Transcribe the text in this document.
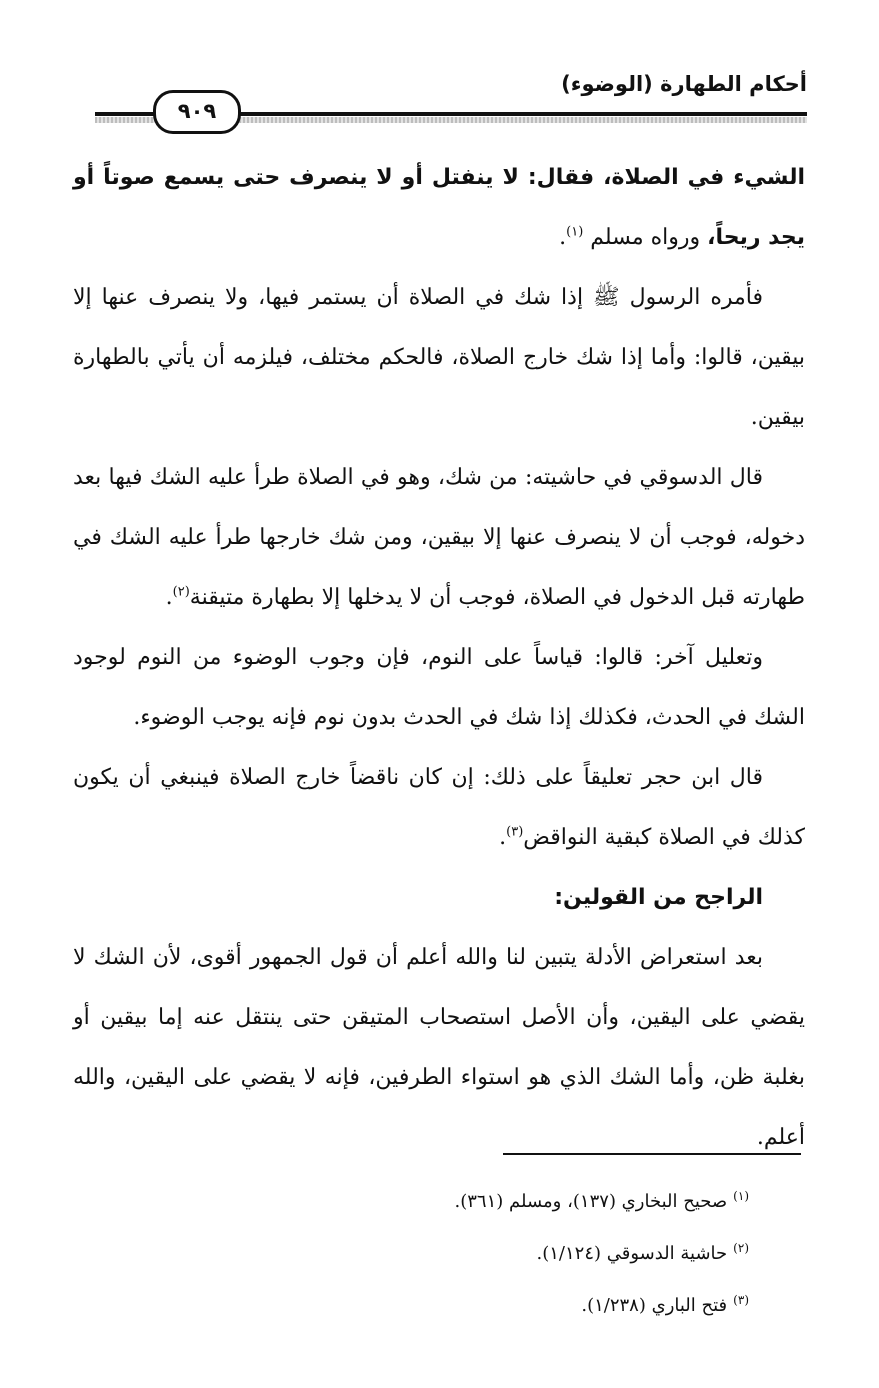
أحكام الطهارة (الوضوء)
٩٠٩

الشيء في الصلاة، فقال: لا ينفتل أو لا ينصرف حتى يسمع صوتاً أو يجد ريحاً، ورواه مسلم $^{(١)}$.

فأمره الرسول ﷺ إذا شك في الصلاة أن يستمر فيها، ولا ينصرف عنها إلا بيقين، قالوا: وأما إذا شك خارج الصلاة، فالحكم مختلف، فيلزمه أن يأتي بالطهارة بيقين.

قال الدسوقي في حاشيته: من شك، وهو في الصلاة طرأ عليه الشك فيها بعد دخوله، فوجب أن لا ينصرف عنها إلا بيقين، ومن شك خارجها طرأ عليه الشك في طهارته قبل الدخول في الصلاة، فوجب أن لا يدخلها إلا بطهارة متيقنة$^{(٢)}$.

وتعليل آخر: قالوا: قياساً على النوم، فإن وجوب الوضوء من النوم لوجود الشك في الحدث، فكذلك إذا شك في الحدث بدون نوم فإنه يوجب الوضوء.

قال ابن حجر تعليقاً على ذلك: إن كان ناقضاً خارج الصلاة فينبغي أن يكون كذلك في الصلاة كبقية النواقض$^{(٣)}$.

الراجح من القولين:

بعد استعراض الأدلة يتبين لنا والله أعلم أن قول الجمهور أقوى، لأن الشك لا يقضي على اليقين، وأن الأصل استصحاب المتيقن حتى ينتقل عنه إما بيقين أو بغلبة ظن، وأما الشك الذي هو استواء الطرفين، فإنه لا يقضي على اليقين، والله أعلم.

$^{(١)}$صحيح البخاري (١٣٧)، ومسلم (٣٦١).

$^{(٢)}$حاشية الدسوقي (١/١٢٤).

$^{(٣)}$فتح الباري (١/٢٣٨).
